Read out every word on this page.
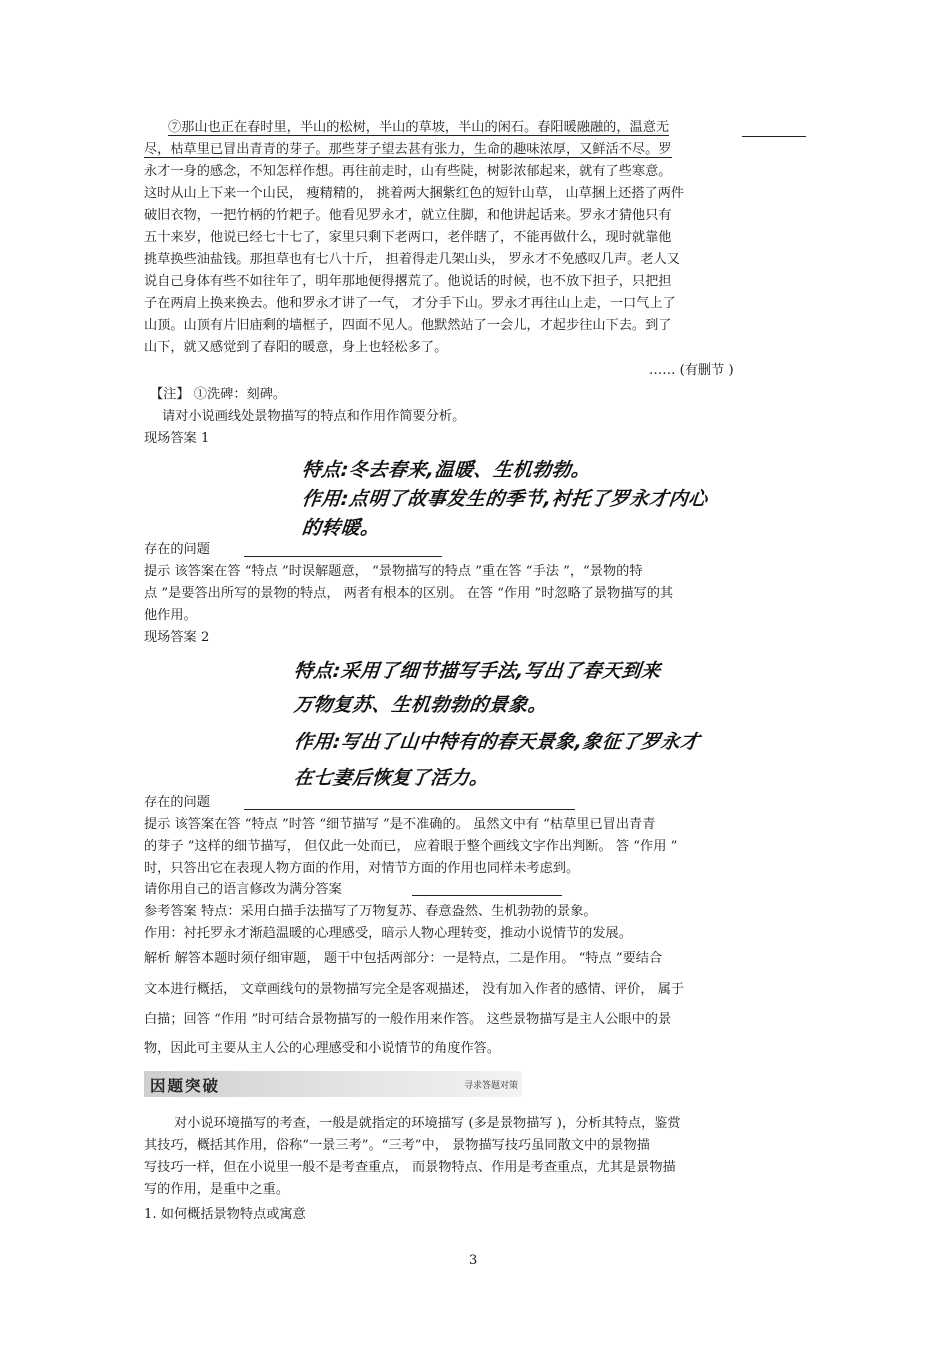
⑦那山也正在春时里，半山的松树，半山的草坡，半山的闲石。春阳暖融融的，温意无
尽，枯草里已冒出青青的芽子。那些芽子望去甚有张力，生命的趣味浓厚，又鲜活不尽。罗
永才一身的感念，不知怎样作想。再往前走时，山有些陡，树影浓郁起来，就有了些寒意。
这时从山上下来一个山民， 瘦精精的， 挑着两大捆紫红色的短针山草， 山草捆上还搭了两件
破旧衣物，一把竹柄的竹耙子。他看见罗永才，就立住脚，和他讲起话来。罗永才猜他只有
五十来岁，他说已经七十七了，家里只剩下老两口，老伴瞎了，不能再做什么，现时就靠他
挑草换些油盐钱。那担草也有七八十斤， 担着得走几架山头， 罗永才不免感叹几声。老人又
说自己身体有些不如往年了，明年那地便得撂荒了。他说话的时候，也不放下担子，只把担
子在两肩上换来换去。他和罗永才讲了一气， 才分手下山。罗永才再往山上走，一口气上了
山顶。山顶有片旧庙剩的墙框子，四面不见人。他默然站了一会儿，才起步往山下去。到了
山下，就又感觉到了春阳的暖意，身上也轻松多了。
…… (有删节 )
【注】 ①洗碑：刻碑。
请对小说画线处景物描写的特点和作用作简要分析。
现场答案 1
特点:冬去春来,温暖、生机勃勃。
作用:点明了故事发生的季节,衬托了罗永才内心
的转暖。
存在的问题
提示 该答案在答 “特点 ”时误解题意， “景物描写的特点 ”重在答 “手法 ”，“景物的特
点 ”是要答出所写的景物的特点， 两者有根本的区别。 在答 “作用 ”时忽略了景物描写的其
他作用。
现场答案 2
特点:采用了细节描写手法,写出了春天到来
万物复苏、生机勃勃的景象。
作用:写出了山中特有的春天景象,象征了罗永才
在七妻后恢复了活力。
存在的问题
提示 该答案在答 “特点 ”时答 “细节描写 ”是不准确的。 虽然文中有 “枯草里已冒出青青
的芽子 ”这样的细节描写， 但仅此一处而已， 应着眼于整个画线文字作出判断。 答 “作用 ”
时，只答出它在表现人物方面的作用，对情节方面的作用也同样未考虑到。
请你用自己的语言修改为满分答案
参考答案 特点：采用白描手法描写了万物复苏、春意盎然、生机勃勃的景象。
作用：衬托罗永才渐趋温暖的心理感受，暗示人物心理转变，推动小说情节的发展。
解析 解答本题时须仔细审题， 题干中包括两部分：一是特点，二是作用。 “特点 ”要结合
文本进行概括， 文章画线句的景物描写完全是客观描述， 没有加入作者的感情、评价， 属于
白描；回答 “作用 ”时可结合景物描写的一般作用来作答。 这些景物描写是主人公眼中的景
物，因此可主要从主人公的心理感受和小说情节的角度作答。
因题突破	寻求答题对策
对小说环境描写的考查，一般是就指定的环境描写 (多是景物描写 )，分析其特点，鉴赏
其技巧，概括其作用，俗称“一景三考”。“三考”中， 景物描写技巧虽同散文中的景物描
写技巧一样，但在小说里一般不是考查重点， 而景物特点、作用是考查重点，尤其是景物描
写的作用，是重中之重。
1. 如何概括景物特点或寓意
3
